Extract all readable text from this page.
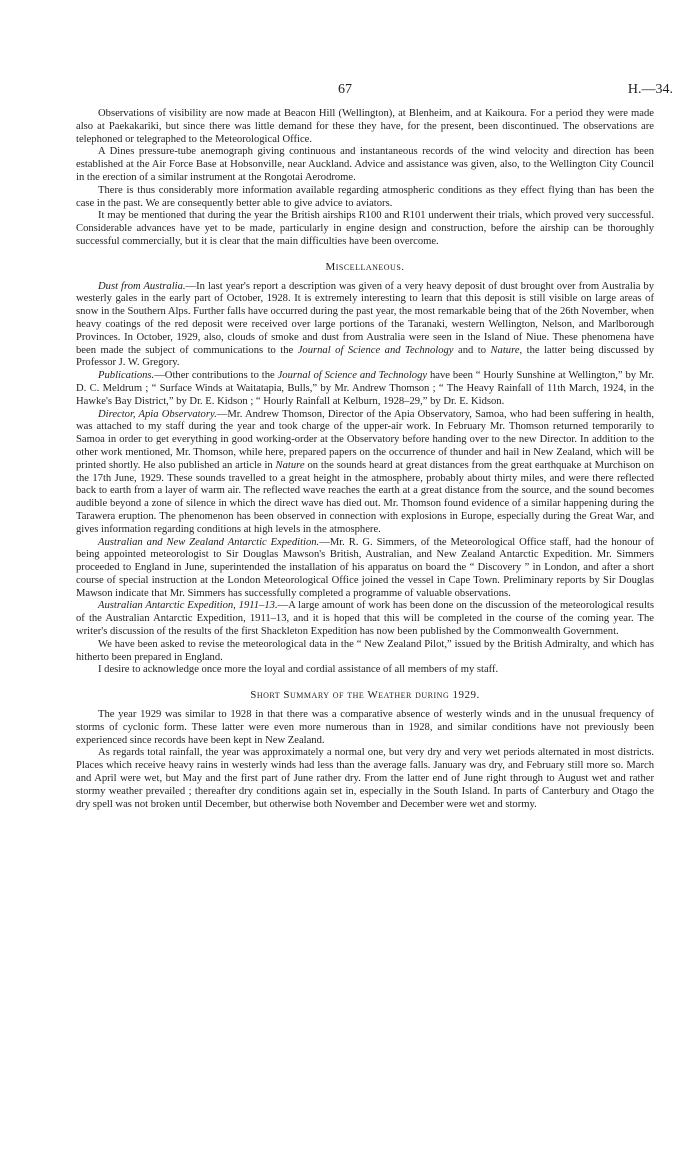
67	H.—34.

Observations of visibility are now made at Beacon Hill (Wellington), at Blenheim, and at Kaikoura. For a period they were made also at Paekakariki, but since there was little demand for these they have, for the present, been discontinued. The observations are telephoned or telegraphed to the Meteorological Office.

A Dines pressure-tube anemograph giving continuous and instantaneous records of the wind velocity and direction has been established at the Air Force Base at Hobsonville, near Auckland. Advice and assistance was given, also, to the Wellington City Council in the erection of a similar instrument at the Rongotai Aerodrome.

There is thus considerably more information available regarding atmospheric conditions as they effect flying than has been the case in the past. We are consequently better able to give advice to aviators.

It may be mentioned that during the year the British airships R100 and R101 underwent their trials, which proved very successful. Considerable advances have yet to be made, particularly in engine design and construction, before the airship can be thoroughly successful commercially, but it is clear that the main difficulties have been overcome.

Miscellaneous.

Dust from Australia.—In last year's report a description was given of a very heavy deposit of dust brought over from Australia by westerly gales in the early part of October, 1928. It is extremely interesting to learn that this deposit is still visible on large areas of snow in the Southern Alps. Further falls have occurred during the past year, the most remarkable being that of the 26th November, when heavy coatings of the red deposit were received over large portions of the Taranaki, western Wellington, Nelson, and Marlborough Provinces. In October, 1929, also, clouds of smoke and dust from Australia were seen in the Island of Niue. These phenomena have been made the subject of communications to the Journal of Science and Technology and to Nature, the latter being discussed by Professor J. W. Gregory.

Publications.—Other contributions to the Journal of Science and Technology have been “ Hourly Sunshine at Wellington,” by Mr. D. C. Meldrum ; “ Surface Winds at Waitatapia, Bulls,” by Mr. Andrew Thomson ; “ The Heavy Rainfall of 11th March, 1924, in the Hawke's Bay District,” by Dr. E. Kidson ; “ Hourly Rainfall at Kelburn, 1928–29,” by Dr. E. Kidson.

Director, Apia Observatory.—Mr. Andrew Thomson, Director of the Apia Observatory, Samoa, who had been suffering in health, was attached to my staff during the year and took charge of the upper-air work. In February Mr. Thomson returned temporarily to Samoa in order to get everything in good working-order at the Observatory before handing over to the new Director. In addition to the other work mentioned, Mr. Thomson, while here, prepared papers on the occurrence of thunder and hail in New Zealand, which will be printed shortly. He also published an article in Nature on the sounds heard at great distances from the great earthquake at Murchison on the 17th June, 1929. These sounds travelled to a great height in the atmosphere, probably about thirty miles, and were there reflected back to earth from a layer of warm air. The reflected wave reaches the earth at a great distance from the source, and the sound becomes audible beyond a zone of silence in which the direct wave has died out. Mr. Thomson found evidence of a similar happening during the Tarawera eruption. The phenomenon has been observed in connection with explosions in Europe, especially during the Great War, and gives information regarding conditions at high levels in the atmosphere.

Australian and New Zealand Antarctic Expedition.—Mr. R. G. Simmers, of the Meteorological Office staff, had the honour of being appointed meteorologist to Sir Douglas Mawson's British, Australian, and New Zealand Antarctic Expedition. Mr. Simmers proceeded to England in June, superintended the installation of his apparatus on board the “ Discovery ” in London, and after a short course of special instruction at the London Meteorological Office joined the vessel in Cape Town. Preliminary reports by Sir Douglas Mawson indicate that Mr. Simmers has successfully completed a programme of valuable observations.

Australian Antarctic Expedition, 1911–13.—A large amount of work has been done on the discussion of the meteorological results of the Australian Antarctic Expedition, 1911–13, and it is hoped that this will be completed in the course of the coming year. The writer's discussion of the results of the first Shackleton Expedition has now been published by the Commonwealth Government.

We have been asked to revise the meteorological data in the “ New Zealand Pilot,” issued by the British Admiralty, and which has hitherto been prepared in England.

I desire to acknowledge once more the loyal and cordial assistance of all members of my staff.

Short Summary of the Weather during 1929.

The year 1929 was similar to 1928 in that there was a comparative absence of westerly winds and in the unusual frequency of storms of cyclonic form. These latter were even more numerous than in 1928, and similar conditions have not previously been experienced since records have been kept in New Zealand.

As regards total rainfall, the year was approximately a normal one, but very dry and very wet periods alternated in most districts. Places which receive heavy rains in westerly winds had less than the average falls. January was dry, and February still more so. March and April were wet, but May and the first part of June rather dry. From the latter end of June right through to August wet and rather stormy weather prevailed ; thereafter dry conditions again set in, especially in the South Island. In parts of Canterbury and Otago the dry spell was not broken until December, but otherwise both November and December were wet and stormy.
